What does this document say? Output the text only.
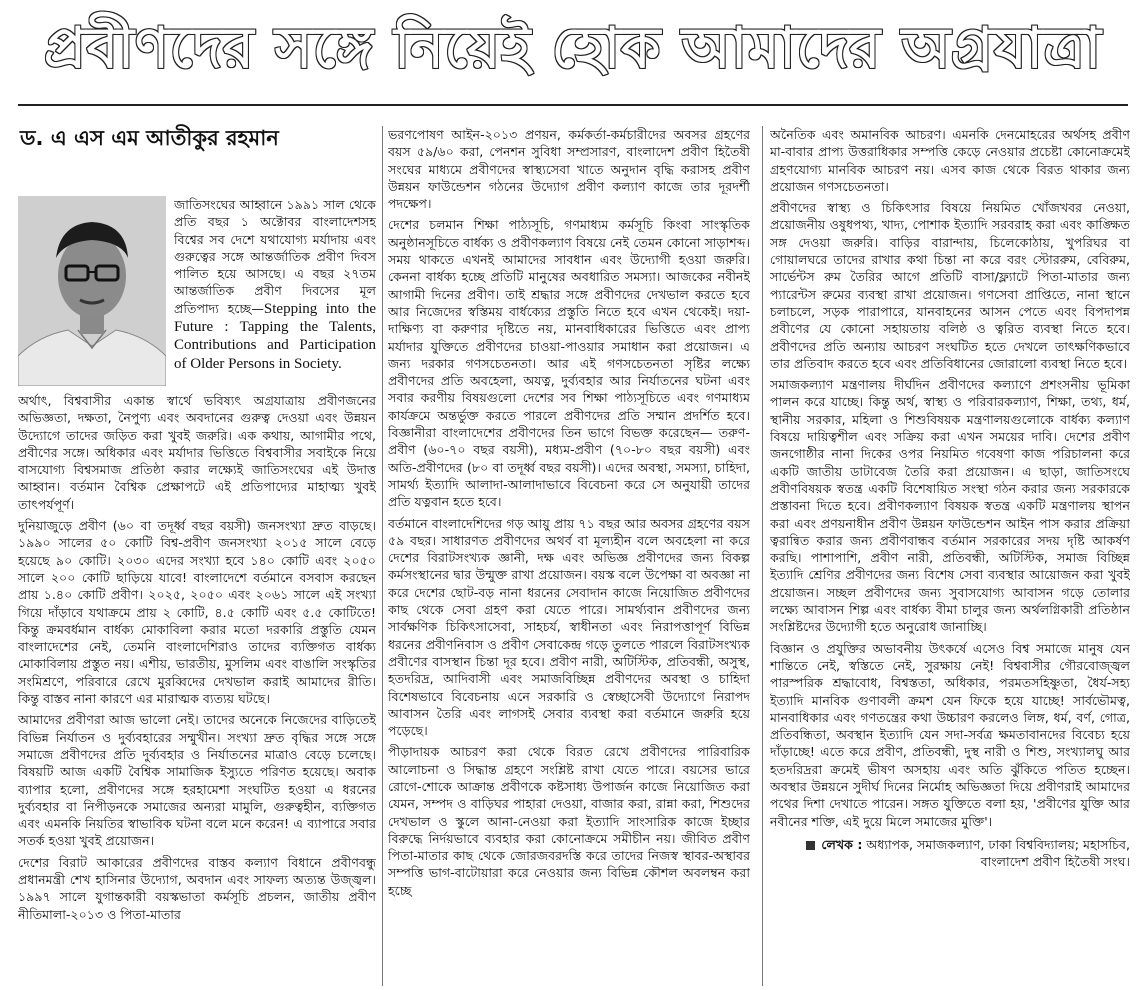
প্রবীণদের সঙ্গে নিয়েই হোক আমাদের অগ্রযাত্রা
ড. এ এস এম আতীকুর রহমান
জাতিসংঘের আহ্বানে ১৯৯১ সাল থেকে প্রতি বছর ১ অক্টোবর বাংলাদেশসহ বিশ্বের সব দেশে যথাযোগ্য মর্যাদায় এবং গুরুত্বের সঙ্গে আন্তর্জাতিক প্রবীণ দিবস পালিত হয়ে আসছে। এ বছর ২৭তম আন্তর্জাতিক প্রবীণ দিবসের মূল প্রতিপাদ্য হচ্ছে—Stepping into the Future : Tapping the Talents, Contributions and Participation of Older Persons in Society.

অর্থাৎ, বিশ্ববাসীর একান্ত স্বার্থে ভবিষ্যৎ অগ্রযাত্রায় প্রবীণজনের অভিজ্ঞতা, দক্ষতা, নৈপুণ্য এবং অবদানের গুরুত্ব দেওয়া এবং উন্নয়ন উদ্যোগে তাদের জড়িত করা খুবই জরুরি। এক কথায়, আগামীর পথে, প্রবীণের সঙ্গে। অধিকার এবং মর্যাদার ভিত্তিতে বিশ্ববাসীর সবাইকে নিয়ে বাসযোগ্য বিশ্বসমাজ প্রতিষ্ঠা করার লক্ষ্যেই জাতিসংঘের এই উদাত্ত আহ্বান। বর্তমান বৈশ্বিক প্রেক্ষাপটে এই প্রতিপাদ্যের মাহাত্ম্য খুবই তাৎপর্যপূর্ণ।

দুনিয়াজুড়ে প্রবীণ (৬০ বা তদূর্ধ্ব বছর বয়সী) জনসংখ্যা দ্রুত বাড়ছে। ১৯৯০ সালের ৫০ কোটি বিশ্ব-প্রবীণ জনসংখ্যা ২০১৫ সালে বেড়ে হয়েছে ৯০ কোটি। ২০৩০ এদের সংখ্যা হবে ১৪০ কোটি এবং ২০৫০ সালে ২০০ কোটি ছাড়িয়ে যাবে! বাংলাদেশে বর্তমানে বসবাস করছেন প্রায় ১.৪০ কোটি প্রবীণ। ২০২৫, ২০৫০ এবং ২০৬১ সালে এই সংখ্যা গিয়ে দাঁড়াবে যথাক্রমে প্রায় ২ কোটি, ৪.৫ কোটি এবং ৫.৫ কোটিতে! কিন্তু ক্রমবর্ধমান বার্ধক্য মোকাবিলা করার মতো দরকারি প্রস্তুতি যেমন বাংলাদেশের নেই, তেমনি বাংলাদেশিরাও তাদের ব্যক্তিগত বার্ধক্য মোকাবিলায় প্রস্তুত নয়। এশীয়, ভারতীয়, মুসলিম এবং বাঙালি সংস্কৃতির সংমিশ্রণে, পরিবারে রেখে মুরব্বিদের দেখভাল করাই আমাদের রীতি। কিন্তু বাস্তব নানা কারণে এর মারাত্মক ব্যত্যয় ঘটছে।

আমাদের প্রবীণরা আজ ভালো নেই। তাদের অনেকে নিজেদের বাড়িতেই বিভিন্ন নির্যাতন ও দুর্ব্যবহারের সম্মুখীন। সংখ্যা দ্রুত বৃদ্ধির সঙ্গে সঙ্গে সমাজে প্রবীণদের প্রতি দুর্ব্যবহার ও নির্যাতনের মাত্রাও বেড়ে চলেছে। বিষয়টি আজ একটি বৈশ্বিক সামাজিক ইস্যুতে পরিণত হয়েছে। অবাক ব্যাপার হলো, প্রবীণদের সঙ্গে হরহামেশা সংঘটিত হওয়া এ ধরনের দুর্ব্যবহার বা নিপীড়নকে সমাজের অন্যরা মামুলি, গুরুত্বহীন, ব্যক্তিগত এবং এমনকি নিয়তির স্বাভাবিক ঘটনা বলে মনে করেন! এ ব্যাপারে সবার সতর্ক হওয়া খুবই প্রয়োজন।

দেশের বিরাট আকারের প্রবীণদের বাস্তব কল্যাণ বিধানে প্রবীণবন্ধু প্রধানমন্ত্রী শেখ হাসিনার উদ্যোগ, অবদান এবং সাফল্য অত্যন্ত উজ্জ্বল। ১৯৯৭ সালে যুগান্তকারী বয়স্কভাতা কর্মসূচি প্রচলন, জাতীয় প্রবীণ নীতিমালা-২০১৩ ও পিতা-মাতার

ভরণপোষণ আইন-২০১৩ প্রণয়ন, কর্মকর্তা-কর্মচারীদের অবসর গ্রহণের বয়স ৫৯/৬০ করা, পেনশন সুবিধা সম্প্রসারণ, বাংলাদেশ প্রবীণ হিতৈষী সংঘের মাধ্যমে প্রবীণদের স্বাস্থ্যসেবা খাতে অনুদান বৃদ্ধি করাসহ প্রবীণ উন্নয়ন ফাউন্ডেশন গঠনের উদ্যোগ প্রবীণ কল্যাণ কাজে তার দূরদর্শী পদক্ষেপ।

দেশের চলমান শিক্ষা পাঠ্যসূচি, গণমাধ্যম কর্মসূচি কিংবা সাংস্কৃতিক অনুষ্ঠানসূচিতে বার্ধক্য ও প্রবীণকল্যাণ বিষয়ে নেই তেমন কোনো সাড়াশব্দ। সময় থাকতে এখনই আমাদের সাবধান এবং উদ্যোগী হওয়া জরুরি। কেননা বার্ধক্য হচ্ছে প্রতিটি মানুষের অবধারিত সমস্যা। আজকের নবীনই আগামী দিনের প্রবীণ। তাই শ্রদ্ধার সঙ্গে প্রবীণদের দেখভাল করতে হবে আর নিজেদের স্বস্তিময় বার্ধক্যের প্রস্তুতি নিতে হবে এখন থেকেই। দয়া-দাক্ষিণ্য বা করুণার দৃষ্টিতে নয়, মানবাধিকারের ভিত্তিতে এবং প্রাপ্য মর্যাদার যুক্তিতে প্রবীণদের চাওয়া-পাওয়ার সমাধান করা প্রয়োজন। এ জন্য দরকার গণসচেতনতা। আর এই গণসচেতনতা সৃষ্টির লক্ষ্যে প্রবীণদের প্রতি অবহেলা, অযত্ন, দুর্ব্যবহার আর নির্যাতনের ঘটনা এবং সবার করণীয় বিষয়গুলো দেশের সব শিক্ষা পাঠ্যসূচিতে এবং গণমাধ্যম কার্যক্রমে অন্তর্ভুক্ত করতে পারলে প্রবীণদের প্রতি সম্মান প্রদর্শিত হবে। বিজ্ঞানীরা বাংলাদেশের প্রবীণদের তিন ভাগে বিভক্ত করেছেন— তরুণ-প্রবীণ (৬০-৭০ বছর বয়সী), মধ্যম-প্রবীণ (৭০-৮০ বছর বয়সী) এবং অতি-প্রবীণদের (৮০ বা তদূর্ধ্ব বছর বয়সী)। এদের অবস্থা, সমস্যা, চাহিদা, সামর্থ্য ইত্যাদি আলাদা-আলাদাভাবে বিবেচনা করে সে অনুযায়ী তাদের প্রতি যত্নবান হতে হবে।

বর্তমানে বাংলাদেশিদের গড় আয়ু প্রায় ৭১ বছর আর অবসর গ্রহণের বয়স ৫৯ বছর। সাধারণত প্রবীণদের অথর্ব বা মূল্যহীন বলে অবহেলা না করে দেশের বিরাটসংখ্যক জ্ঞানী, দক্ষ এবং অভিজ্ঞ প্রবীণদের জন্য বিকল্প কর্মসংস্থানের দ্বার উন্মুক্ত রাখা প্রয়োজন। বয়স্ক বলে উপেক্ষা বা অবজ্ঞা না করে দেশের ছোট-বড় নানা ধরনের সেবাদান কাজে নিয়োজিত প্রবীণদের কাছ থেকে সেবা গ্রহণ করা যেতে পারে। সামর্থ্যবান প্রবীণদের জন্য সার্বক্ষণিক চিকিৎসাসেবা, সাহচর্য, স্বাধীনতা এবং নিরাপত্তাপূর্ণ বিভিন্ন ধরনের প্রবীণনিবাস ও প্রবীণ সেবাকেন্দ্র গড়ে তুলতে পারলে বিরাটসংখ্যক প্রবীণের বাসস্থান চিন্তা দূর হবে। প্রবীণ নারী, অটিস্টিক, প্রতিবন্ধী, অসুস্থ, হতদরিদ্র, আদিবাসী এবং সমাজবিচ্ছিন্ন প্রবীণদের অবস্থা ও চাহিদা বিশেষভাবে বিবেচনায় এনে সরকারি ও স্বেচ্ছাসেবী উদ্যোগে নিরাপদ আবাসন তৈরি এবং লাগসই সেবার ব্যবস্থা করা বর্তমানে জরুরি হয়ে পড়েছে।

পীড়াদায়ক আচরণ করা থেকে বিরত রেখে প্রবীণদের পারিবারিক আলোচনা ও সিদ্ধান্ত গ্রহণে সংশ্লিষ্ট রাখা যেতে পারে। বয়সের ভারে রোগে-শোকে আক্রান্ত প্রবীণকে কষ্টসাধ্য উপার্জন কাজে নিয়োজিত করা যেমন, সম্পদ ও বাড়িঘর পাহারা দেওয়া, বাজার করা, রান্না করা, শিশুদের দেখভাল ও স্কুলে আনা-নেওয়া করা ইত্যাদি সাংসারিক কাজে ইচ্ছার বিরুদ্ধে নির্দয়ভাবে ব্যবহার করা কোনোক্রমে সমীচীন নয়। জীবিত প্রবীণ পিতা-মাতার কাছ থেকে জোরজবরদস্তি করে তাদের নিজস্ব স্থাবর-অস্থাবর সম্পত্তি ভাগ-বাটোয়ারা করে নেওয়ার জন্য বিভিন্ন কৌশল অবলম্বন করা হচ্ছে

অনৈতিক এবং অমানবিক আচরণ। এমনকি দেনমোহরের অর্থসহ প্রবীণ মা-বাবার প্রাপ্য উত্তরাধিকার সম্পত্তি কেড়ে নেওয়ার প্রচেষ্টা কোনোক্রমেই গ্রহণযোগ্য মানবিক আচরণ নয়। এসব কাজ থেকে বিরত থাকার জন্য প্রয়োজন গণসচেতনতা।

প্রবীণদের স্বাস্থ্য ও চিকিৎসার বিষয়ে নিয়মিত খোঁজখবর নেওয়া, প্রয়োজনীয় ওষুধপথ্য, খাদ্য, পোশাক ইত্যাদি সরবরাহ করা এবং কাঙ্ক্ষিত সঙ্গ দেওয়া জরুরি। বাড়ির বারান্দায়, চিলেকোঠায়, খুপরিঘর বা গোয়ালঘরে তাদের রাখার কথা চিন্তা না করে বরং স্টোররুম, বেবিরুম, সার্ভেন্টস রুম তৈরির আগে প্রতিটি বাসা/ফ্ল্যাটে পিতা-মাতার জন্য প্যারেন্টস রুমের ব্যবস্থা রাখা প্রয়োজন। গণসেবা প্রাপ্তিতে, নানা স্থানে চলাচলে, সড়ক পারাপারে, যানবাহনের আসন পেতে এবং বিপদাপন্ন প্রবীণের যে কোনো সহায়তায় বলিষ্ঠ ও ত্বরিত ব্যবস্থা নিতে হবে। প্রবীণদের প্রতি অন্যায় আচরণ সংঘটিত হতে দেখলে তাৎক্ষণিকভাবে তার প্রতিবাদ করতে হবে এবং প্রতিবিধানের জোরালো ব্যবস্থা নিতে হবে।

সমাজকল্যাণ মন্ত্রণালয় দীর্ঘদিন প্রবীণদের কল্যাণে প্রশংসনীয় ভূমিকা পালন করে যাচ্ছে। কিন্তু অর্থ, স্বাস্থ্য ও পরিবারকল্যাণ, শিক্ষা, তথ্য, ধর্ম, স্থানীয় সরকার, মহিলা ও শিশুবিষয়ক মন্ত্রণালয়গুলোকে বার্ধক্য কল্যাণ বিষয়ে দায়িত্বশীল এবং সক্রিয় করা এখন সময়ের দাবি। দেশের প্রবীণ জনগোষ্ঠীর নানা দিকের ওপর নিয়মিত গবেষণা কাজ পরিচালনা করে একটি জাতীয় ডাটাবেজ তৈরি করা প্রয়োজন। এ ছাড়া, জাতিসংঘে প্রবীণবিষয়ক স্বতন্ত্র একটি বিশেষায়িত সংস্থা গঠন করার জন্য সরকারকে প্রস্তাবনা দিতে হবে। প্রবীণকল্যাণ বিষয়ক স্বতন্ত্র একটি মন্ত্রণালয় স্থাপন করা এবং প্রণয়নাধীন প্রবীণ উন্নয়ন ফাউন্ডেশন আইন পাস করার প্রক্রিয়া ত্বরান্বিত করার জন্য প্রবীণবান্ধব বর্তমান সরকারের সদয় দৃষ্টি আকর্ষণ করছি। পাশাপাশি, প্রবীণ নারী, প্রতিবন্ধী, অটিস্টিক, সমাজ বিচ্ছিন্ন ইত্যাদি শ্রেণির প্রবীণদের জন্য বিশেষ সেবা ব্যবস্থার আয়োজন করা খুবই প্রয়োজন। সচ্ছল প্রবীণদের জন্য সুবাসযোগ্য আবাসন গড়ে তোলার লক্ষ্যে আবাসন শিল্প এবং বার্ধক্য বীমা চালুর জন্য অর্থলগ্নিকারী প্রতিষ্ঠান সংশ্লিষ্টদের উদ্যোগী হতে অনুরোধ জানাচ্ছি।

বিজ্ঞান ও প্রযুক্তির অভাবনীয় উৎকর্ষে এসেও বিশ্ব সমাজে মানুষ যেন শান্তিতে নেই, স্বস্তিতে নেই, সুরক্ষায় নেই! বিশ্ববাসীর গৌরবোজ্জ্বল পারস্পরিক শ্রদ্ধাবোধ, বিশ্বস্ততা, অধিকার, পরমতসহিষ্ণুতা, ধৈর্য-সহ্য ইত্যাদি মানবিক গুণাবলী ক্রমশ যেন ফিকে হয়ে যাচ্ছে! সার্বভৌমত্ব, মানবাধিকার এবং গণতন্ত্রের কথা উচ্চারণ করলেও লিঙ্গ, ধর্ম, বর্ণ, গোত্র, প্রতিবন্ধিতা, অবস্থান ইত্যাদি যেন সদা-সর্বত্র ক্ষমতাবানদের বিবেচ্য হয়ে দাঁড়াচ্ছে! এতে করে প্রবীণ, প্রতিবন্ধী, দুস্থ নারী ও শিশু, সংখ্যালঘু আর হতদরিদ্ররা ক্রমেই ভীষণ অসহায় এবং অতি ঝুঁকিতে পতিত হচ্ছেন। অবস্থার উন্নয়নে সুদীর্ঘ দিনের নির্মোহ অভিজ্ঞতা দিয়ে প্রবীণরাই আমাদের পথের দিশা দেখাতে পারেন। সঙ্গত যুক্তিতে বলা হয়, 'প্রবীণের যুক্তি আর নবীনের শক্তি, এই দুয়ে মিলে সমাজের মুক্তি'।

লেখক : অধ্যাপক, সমাজকল্যাণ, ঢাকা বিশ্ববিদ্যালয়; মহাসচিব, বাংলাদেশ প্রবীণ হিতৈষী সংঘ।
